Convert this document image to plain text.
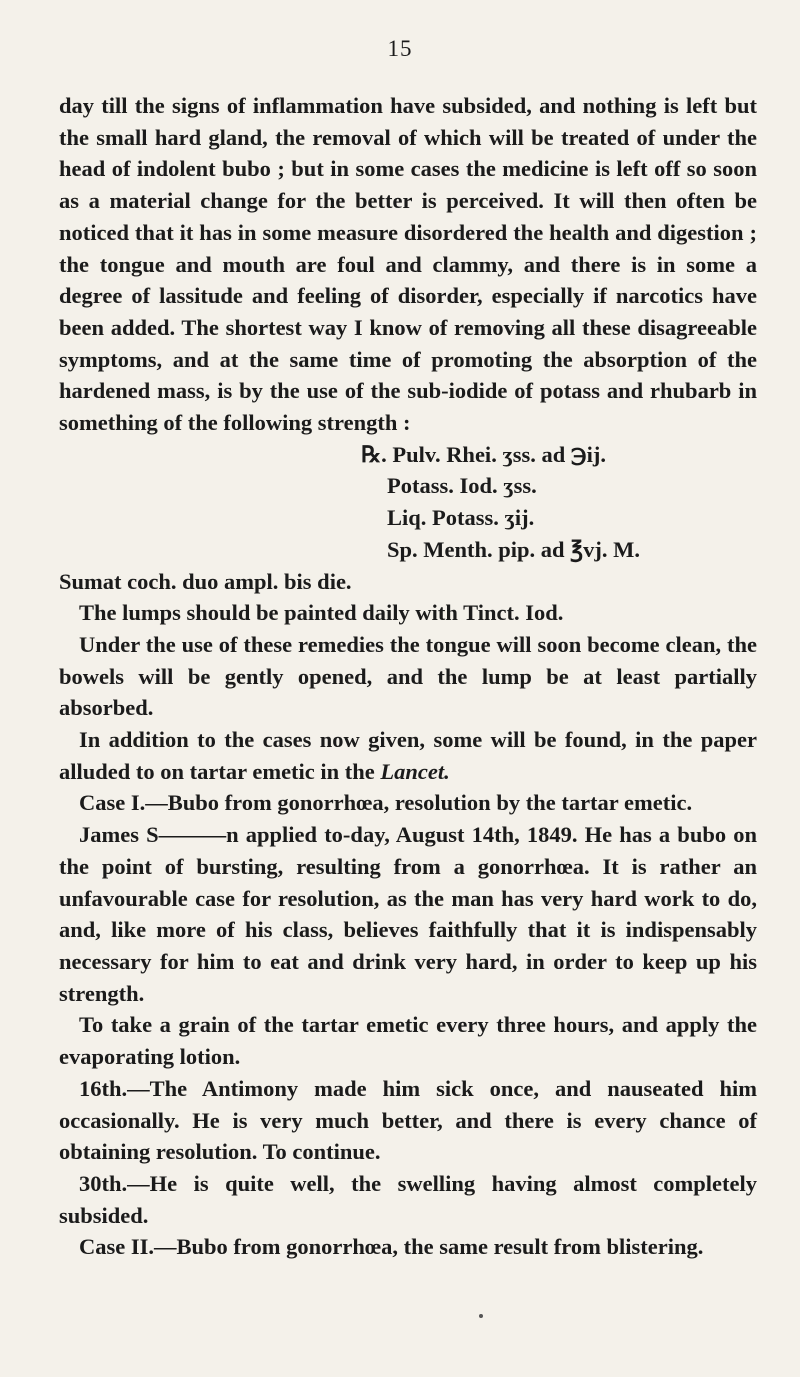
15

day till the signs of inflammation have subsided, and nothing is left but the small hard gland, the removal of which will be treated of under the head of indolent bubo ; but in some cases the medicine is left off so soon as a material change for the better is perceived. It will then often be noticed that it has in some measure disordered the health and digestion ; the tongue and mouth are foul and clammy, and there is in some a degree of lassitude and feeling of disorder, especially if narcotics have been added. The shortest way I know of removing all these disagreeable symptoms, and at the same time of promoting the absorption of the hardened mass, is by the use of the sub-iodide of potass and rhubarb in something of the following strength :

℞. Pulv. Rhei. ʒss. ad ℈ij.
Potass. Iod. ʒss.
Liq. Potass. ʒij.
Sp. Menth. pip. ad ℥vj. M.

Sumat coch. duo ampl. bis die.

The lumps should be painted daily with Tinct. Iod.

Under the use of these remedies the tongue will soon become clean, the bowels will be gently opened, and the lump be at least partially absorbed.

In addition to the cases now given, some will be found, in the paper alluded to on tartar emetic in the Lancet.

Case I.—Bubo from gonorrhœa, resolution by the tartar emetic.

James S———n applied to-day, August 14th, 1849. He has a bubo on the point of bursting, resulting from a gonorrhœa. It is rather an unfavourable case for resolution, as the man has very hard work to do, and, like more of his class, believes faithfully that it is indispensably necessary for him to eat and drink very hard, in order to keep up his strength.

To take a grain of the tartar emetic every three hours, and apply the evaporating lotion.

16th.—The Antimony made him sick once, and nauseated him occasionally. He is very much better, and there is every chance of obtaining resolution. To continue.

30th.—He is quite well, the swelling having almost completely subsided.

Case II.—Bubo from gonorrhœa, the same result from blistering.
